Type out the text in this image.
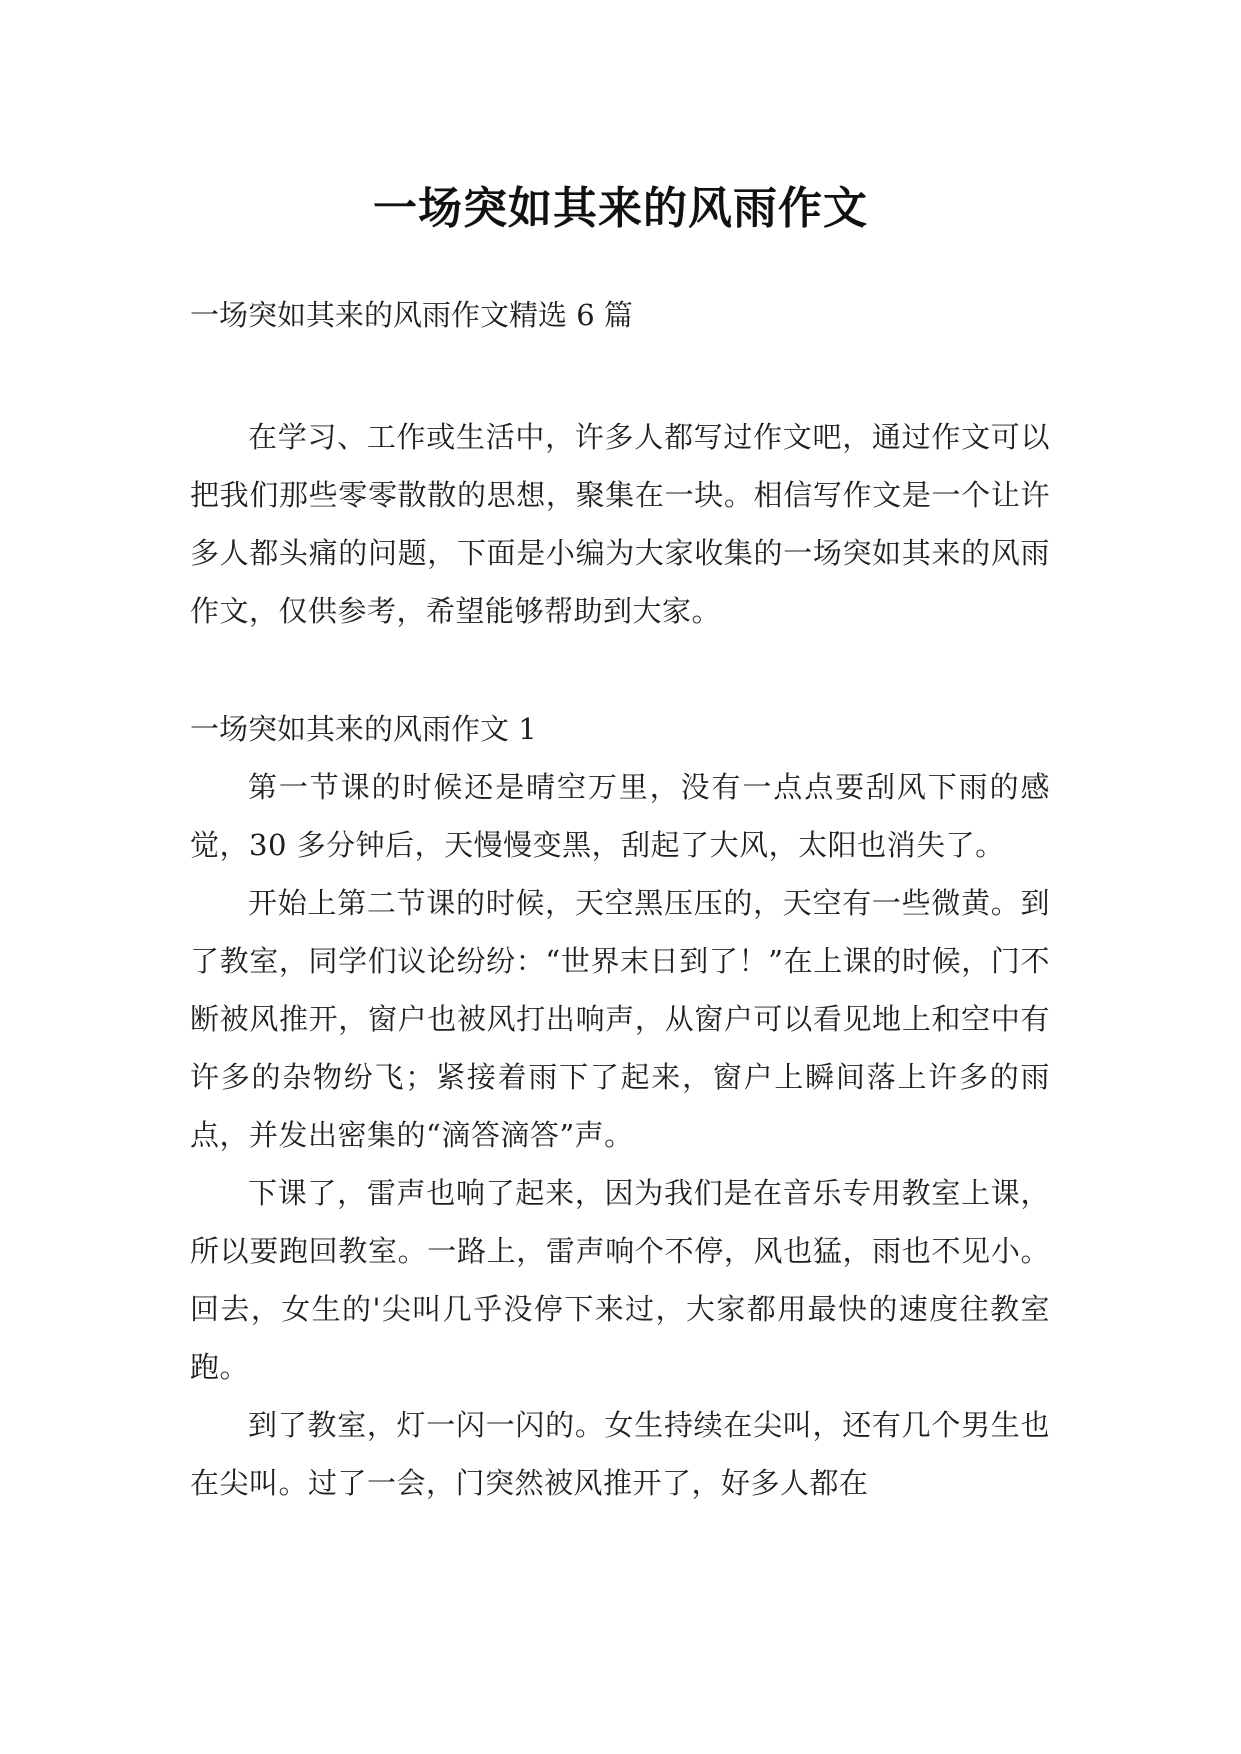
一场突如其来的风雨作文

一场突如其来的风雨作文精选 6 篇

在学习、工作或生活中，许多人都写过作文吧，通过作文可以把我们那些零零散散的思想，聚集在一块。相信写作文是一个让许多人都头痛的问题，下面是小编为大家收集的一场突如其来的风雨作文，仅供参考，希望能够帮助到大家。

一场突如其来的风雨作文 1

第一节课的时候还是晴空万里，没有一点点要刮风下雨的感觉，30 多分钟后，天慢慢变黑，刮起了大风，太阳也消失了。

开始上第二节课的时候，天空黑压压的，天空有一些微黄。到了教室，同学们议论纷纷：“世界末日到了！”在上课的时候，门不断被风推开，窗户也被风打出响声，从窗户可以看见地上和空中有许多的杂物纷飞；紧接着雨下了起来，窗户上瞬间落上许多的雨点，并发出密集的“滴答滴答”声。

下课了，雷声也响了起来，因为我们是在音乐专用教室上课，所以要跑回教室。一路上，雷声响个不停，风也猛，雨也不见小。回去，女生的'尖叫几乎没停下来过，大家都用最快的速度往教室跑。

到了教室，灯一闪一闪的。女生持续在尖叫，还有几个男生也在尖叫。过了一会，门突然被风推开了，好多人都在
